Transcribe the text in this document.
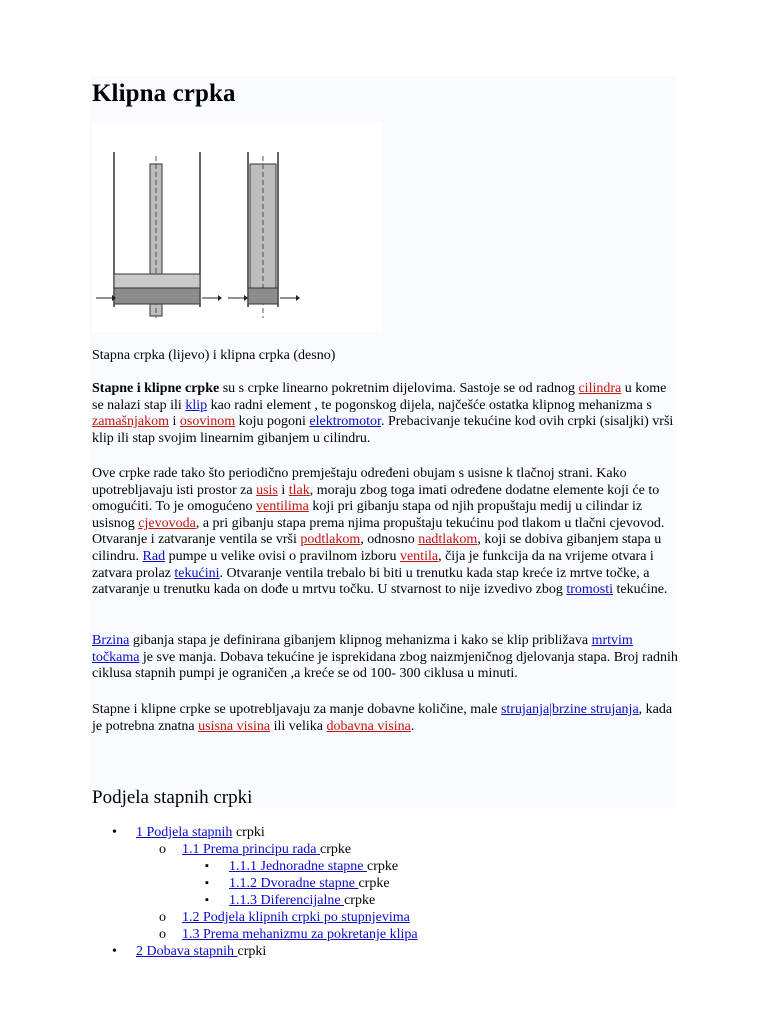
Klipna crpka
Stapna crpka (lijevo) i klipna crpka (desno)

Stapne i klipne crpke su s crpke linearno pokretnim dijelovima. Sastoje se od radnog cilindra u kome se nalazi stap ili klip kao radni element , te pogonskog dijela, najčešće ostatka klipnog mehanizma s zamašnjakom i osovinom koju pogoni elektromotor. Prebacivanje tekućine kod ovih crpki (sisaljki) vrši klip ili stap svojim linearnim gibanjem u cilindru.

Ove crpke rade tako što periodično premještaju određeni obujam s usisne k tlačnoj strani. Kako upotrebljavaju isti prostor za usis i tlak, moraju zbog toga imati određene dodatne elemente koji će to omogućiti. To je omogućeno ventilima koji pri gibanju stapa od njih propuštaju medij u cilindar iz usisnog cjevovoda, a pri gibanju stapa prema njima propuštaju tekućinu pod tlakom u tlačni cjevovod. Otvaranje i zatvaranje ventila se vrši podtlakom, odnosno nadtlakom, koji se dobiva gibanjem stapa u cilindru. Rad pumpe u velike ovisi o pravilnom izboru ventila, čija je funkcija da na vrijeme otvara i zatvara prolaz tekućini. Otvaranje ventila trebalo bi biti u trenutku kada stap kreće iz mrtve točke, a zatvaranje u trenutku kada on dođe u mrtvu točku. U stvarnost to nije izvedivo zbog tromosti tekućine.

Brzina gibanja stapa je definirana gibanjem klipnog mehanizma i kako se klip približava mrtvim točkama je sve manja. Dobava tekućine je isprekidana zbog naizmjeničnog djelovanja stapa. Broj radnih ciklusa stapnih pumpi je ograničen ,a kreće se od 100- 300 ciklusa u minuti.

Stapne i klipne crpke se upotrebljavaju za manje dobavne količine, male strujanja|brzine strujanja, kada je potrebna znatna usisna visina ili velika dobavna visina.

Podjela stapnih crpki
• 1 Podjela stapnih crpki
o 1.1 Prema principu rada crpke
▪ 1.1.1 Jednoradne stapne crpke
▪ 1.1.2 Dvoradne stapne crpke
▪ 1.1.3 Diferencijalne crpke
o 1.2 Podjela klipnih crpki po stupnjevima
o 1.3 Prema mehanizmu za pokretanje klipa
• 2 Dobava stapnih crpki
